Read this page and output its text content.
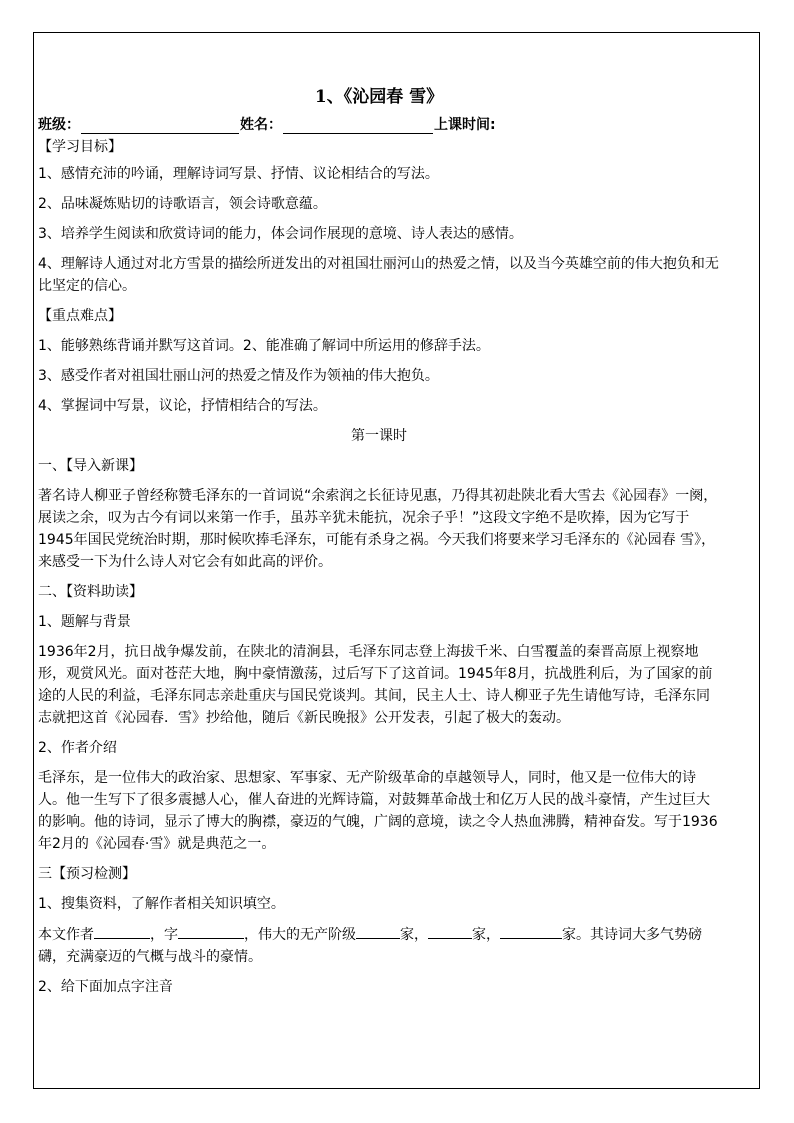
1、《沁园春 雪》
班级：	姓名：	上课时间:
【学习目标】
1、感情充沛的吟诵，理解诗词写景、抒情、议论相结合的写法。
2、品味凝炼贴切的诗歌语言，领会诗歌意蕴。
3、培养学生阅读和欣赏诗词的能力，体会词作展现的意境、诗人表达的感情。
4、理解诗人通过对北方雪景的描绘所迸发出的对祖国壮丽河山的热爱之情，以及当今英雄空前的伟大抱负和无比坚定的信心。
【重点难点】
1、能够熟练背诵并默写这首词。2、能准确了解词中所运用的修辞手法。
3、感受作者对祖国壮丽山河的热爱之情及作为领袖的伟大抱负。
4、掌握词中写景，议论，抒情相结合的写法。
第一课时
一、【导入新课】
著名诗人柳亚子曾经称赞毛泽东的一首词说“余索润之长征诗见惠，乃得其初赴陕北看大雪去《沁园春》一阕，展读之余，叹为古今有词以来第一作手，虽苏辛犹未能抗，况余子乎！”这段文字绝不是吹捧，因为它写于1945年国民党统治时期，那时候吹捧毛泽东，可能有杀身之祸。今天我们将要来学习毛泽东的《沁园春 雪》，来感受一下为什么诗人对它会有如此高的评价。
二、【资料助读】
1、题解与背景
1936年2月，抗日战争爆发前，在陕北的清涧县，毛泽东同志登上海拔千米、白雪覆盖的秦晋高原上视察地形，观赏风光。面对苍茫大地，胸中豪情激荡，过后写下了这首词。1945年8月，抗战胜利后，为了国家的前途的人民的利益，毛泽东同志亲赴重庆与国民党谈判。其间，民主人士、诗人柳亚子先生请他写诗，毛泽东同志就把这首《沁园春．雪》抄给他，随后《新民晚报》公开发表，引起了极大的轰动。
2、作者介绍
毛泽东，是一位伟大的政治家、思想家、军事家、无产阶级革命的卓越领导人，同时，他又是一位伟大的诗人。他一生写下了很多震撼人心，催人奋进的光辉诗篇，对鼓舞革命战士和亿万人民的战斗豪情，产生过巨大的影响。他的诗词，显示了博大的胸襟，豪迈的气魄，广阔的意境，读之令人热血沸腾，精神奋发。写于1936年2月的《沁园春·雪》就是典范之一。
三【预习检测】
1、搜集资料，了解作者相关知识填空。
本文作者	，字	，伟大的无产阶级	家，	家，	家。其诗词大多气势磅礴，充满豪迈的气概与战斗的豪情。
2、给下面加点字注音
